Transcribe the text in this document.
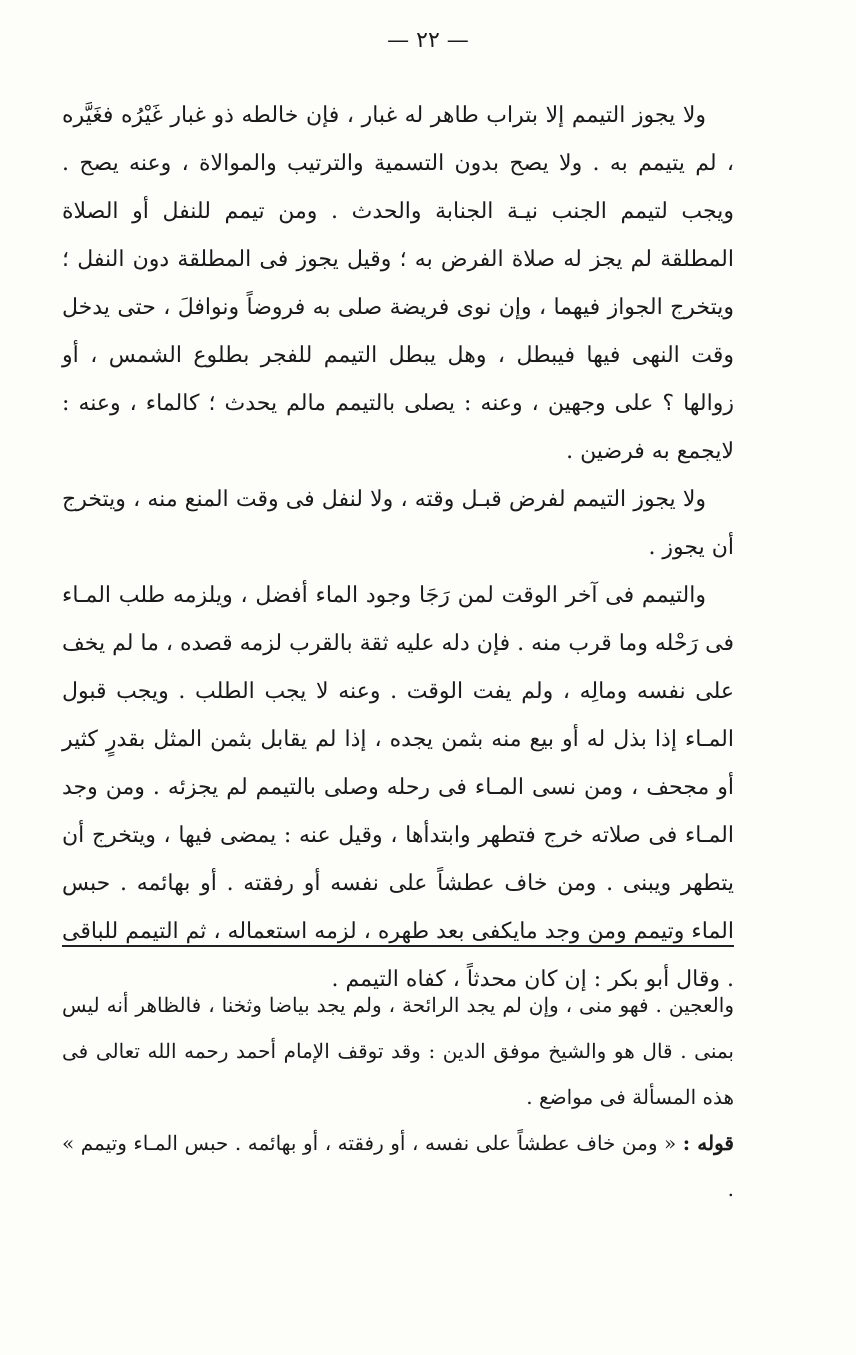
— ٢٢ —

ولا يجوز التيمم إلا بتراب طاهر له غبار ، فإن خالطه ذو غبار غَيْرُه فغَيَّره ، لم يتيمم به . ولا يصح بدون التسمية والترتيب والموالاة ، وعنه يصح . ويجب لتيمم الجنب نيـة الجنابة والحدث . ومن تيمم للنفل أو الصلاة المطلقة لم يجز له صلاة الفرض به ؛ وقيل يجوز فى المطلقة دون النفل ؛ ويتخرج الجواز فيهما ، وإن نوى فريضة صلى به فروضاً ونوافلَ ، حتى يدخل وقت النهى فيها فيبطل ، وهل يبطل التيمم للفجر بطلوع الشمس ، أو زوالها ؟ على وجهين ، وعنه : يصلى بالتيمم مالم يحدث ؛ كالماء ، وعنه : لايجمع به فرضين .

ولا يجوز التيمم لفرض قبـل وقته ، ولا لنفل فى وقت المنع منه ، ويتخرج أن يجوز .

والتيمم فى آخر الوقت لمن رَجَا وجود الماء أفضل ، ويلزمه طلب المـاء فى رَحْله وما قرب منه . فإن دله عليه ثقة بالقرب لزمه قصده ، ما لم يخف على نفسه ومالِه ، ولم يفت الوقت . وعنه لا يجب الطلب . ويجب قبول المـاء إذا بذل له أو بيع منه بثمن يجده ، إذا لم يقابل بثمن المثل بقدرٍ كثير أو مجحف ، ومن نسى المـاء فى رحله وصلى بالتيمم لم يجزئه . ومن وجد المـاء فى صلاته خرج فتطهر وابتدأها ، وقيل عنه : يمضى فيها ، ويتخرج أن يتطهر ويبنى . ومن خاف عطشاً على نفسه أو رفقته . أو بهائمه . حبس الماء وتيمم ومن وجد مايكفى بعد طهره ، لزمه استعماله ، ثم التيمم للباقى . وقال أبو بكر : إن كان محدثاً ، كفاه التيمم .

والعجين . فهو منى ، وإن لم يجد الرائحة ، ولم يجد بياضا وثخنا ، فالظاهر أنه ليس بمنى . قال هو والشيخ موفق الدين : وقد توقف الإمام أحمد رحمه الله تعالى فى هذه المسألة فى مواضع .

قوله : « ومن خاف عطشاً على نفسه ، أو رفقته ، أو بهائمه . حبس المـاء وتيمم » .
